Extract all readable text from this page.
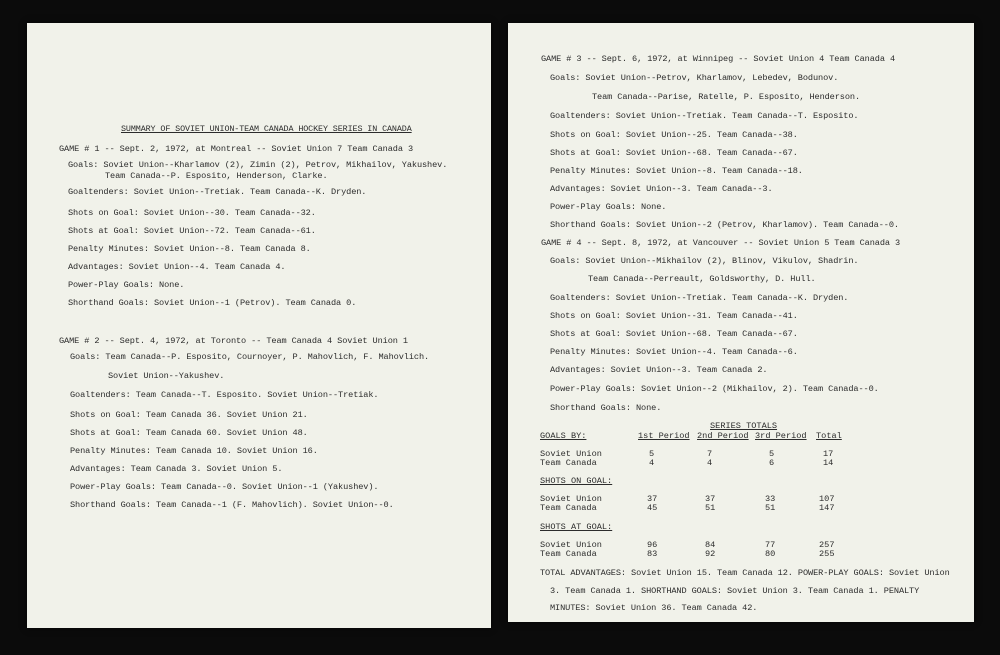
SUMMARY OF SOVIET UNION-TEAM CANADA HOCKEY SERIES IN CANADA
GAME # 1 -- Sept. 2, 1972, at Montreal -- Soviet Union 7 Team Canada 3
Goals: Soviet Union--Kharlamov (2), Zimin (2), Petrov, Mikhailov, Yakushev.
Team Canada--P. Esposito, Henderson, Clarke.
Goaltenders: Soviet Union--Tretiak. Team Canada--K. Dryden.
Shots on Goal: Soviet Union--30. Team Canada--32.
Shots at Goal: Soviet Union--72. Team Canada--61.
Penalty Minutes: Soviet Union--8. Team Canada 8.
Advantages: Soviet Union--4. Team Canada 4.
Power-Play Goals: None.
Shorthand Goals: Soviet Union--1 (Petrov). Team Canada 0.
GAME # 2 -- Sept. 4, 1972, at Toronto -- Team Canada 4 Soviet Union 1
Goals: Team Canada--P. Esposito, Cournoyer, P. Mahovlich, F. Mahovlich.
Soviet Union--Yakushev.
Goaltenders: Team Canada--T. Esposito. Soviet Union--Tretiak.
Shots on Goal: Team Canada 36. Soviet Union 21.
Shots at Goal: Team Canada 60. Soviet Union 48.
Penalty Minutes: Team Canada 10. Soviet Union 16.
Advantages: Team Canada 3. Soviet Union 5.
Power-Play Goals: Team Canada--0. Soviet Union--1 (Yakushev).
Shorthand Goals: Team Canada--1 (F. Mahovlich). Soviet Union--0.
GAME # 3 -- Sept. 6, 1972, at Winnipeg -- Soviet Union 4 Team Canada 4
Goals: Soviet Union--Petrov, Kharlamov, Lebedev, Bodunov.
Team Canada--Parise, Ratelle, P. Esposito, Henderson.
Goaltenders: Soviet Union--Tretiak. Team Canada--T. Esposito.
Shots on Goal: Soviet Union--25. Team Canada--38.
Shots at Goal: Soviet Union--68. Team Canada--67.
Penalty Minutes: Soviet Union--8. Team Canada--18.
Advantages: Soviet Union--3. Team Canada--3.
Power-Play Goals: None.
Shorthand Goals: Soviet Union--2 (Petrov, Kharlamov). Team Canada--0.
GAME # 4 -- Sept. 8, 1972, at Vancouver -- Soviet Union 5 Team Canada 3
Goals: Soviet Union--Mikhailov (2), Blinov, Vikulov, Shadrin.
Team Canada--Perreault, Goldsworthy, D. Hull.
Goaltenders: Soviet Union--Tretiak. Team Canada--K. Dryden.
Shots on Goal: Soviet Union--31. Team Canada--41.
Shots at Goal: Soviet Union--68. Team Canada--67.
Penalty Minutes: Soviet Union--4. Team Canada--6.
Advantages: Soviet Union--3. Team Canada 2.
Power-Play Goals: Soviet Union--2 (Mikhailov, 2). Team Canada--0.
Shorthand Goals: None.
SERIES TOTALS
GOALS BY:	1st Period 2nd Period 3rd Period Total
Soviet Union	5	7	5	17
Team Canada	4	4	6	14
SHOTS ON GOAL:
Soviet Union	37	37	33	107
Team Canada	45	51	51	147
SHOTS AT GOAL:
Soviet Union	96	84	77	257
Team Canada	83	92	80	255
TOTAL ADVANTAGES: Soviet Union 15. Team Canada 12. POWER-PLAY GOALS: Soviet Union
3. Team Canada 1. SHORTHAND GOALS: Soviet Union 3. Team Canada 1. PENALTY
MINUTES: Soviet Union 36. Team Canada 42.
